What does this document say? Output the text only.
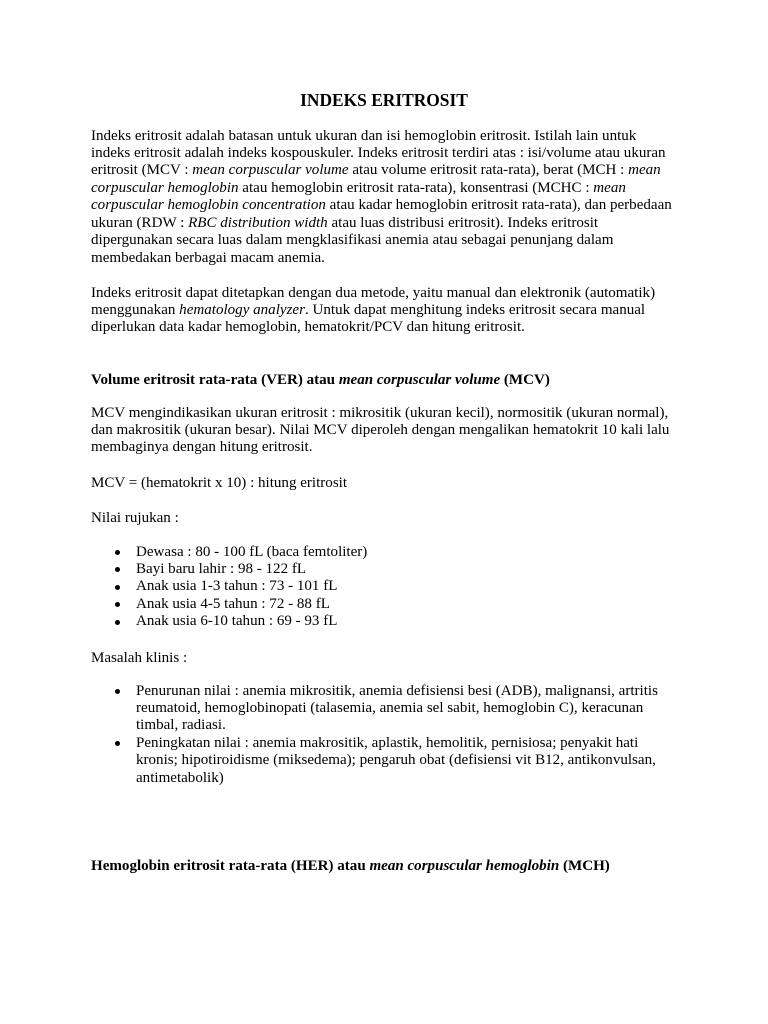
INDEKS ERITROSIT
Indeks eritrosit adalah batasan untuk ukuran dan isi hemoglobin eritrosit. Istilah lain untuk
indeks eritrosit adalah indeks kospouskuler. Indeks eritrosit terdiri atas : isi/volume atau ukuran
eritrosit (MCV : mean corpuscular volume atau volume eritrosit rata-rata), berat (MCH : mean
corpuscular hemoglobin atau hemoglobin eritrosit rata-rata), konsentrasi (MCHC : mean
corpuscular hemoglobin concentration atau kadar hemoglobin eritrosit rata-rata), dan perbedaan
ukuran (RDW : RBC distribution width atau luas distribusi eritrosit). Indeks eritrosit
dipergunakan secara luas dalam mengklasifikasi anemia atau sebagai penunjang dalam
membedakan berbagai macam anemia.
Indeks eritrosit dapat ditetapkan dengan dua metode, yaitu manual dan elektronik (automatik)
menggunakan hematology analyzer. Untuk dapat menghitung indeks eritrosit secara manual
diperlukan data kadar hemoglobin, hematokrit/PCV dan hitung eritrosit.
Volume eritrosit rata-rata (VER) atau mean corpuscular volume (MCV)
MCV mengindikasikan ukuran eritrosit : mikrositik (ukuran kecil), normositik (ukuran normal),
dan makrositik (ukuran besar). Nilai MCV diperoleh dengan mengalikan hematokrit 10 kali lalu
membaginya dengan hitung eritrosit.
MCV = (hematokrit x 10) : hitung eritrosit
Nilai rujukan :
Dewasa : 80 - 100 fL (baca femtoliter)
Bayi baru lahir : 98 - 122 fL
Anak usia 1-3 tahun : 73 - 101 fL
Anak usia 4-5 tahun : 72 - 88 fL
Anak usia 6-10 tahun : 69 - 93 fL
Masalah klinis :
Penurunan nilai : anemia mikrositik, anemia defisiensi besi (ADB), malignansi, artritis
reumatoid, hemoglobinopati (talasemia, anemia sel sabit, hemoglobin C), keracunan
timbal, radiasi.
Peningkatan nilai : anemia makrositik, aplastik, hemolitik, pernisiosa; penyakit hati
kronis; hipotiroidisme (miksedema); pengaruh obat (defisiensi vit B12, antikonvulsan,
antimetabolik)
Hemoglobin eritrosit rata-rata (HER) atau mean corpuscular hemoglobin (MCH)
